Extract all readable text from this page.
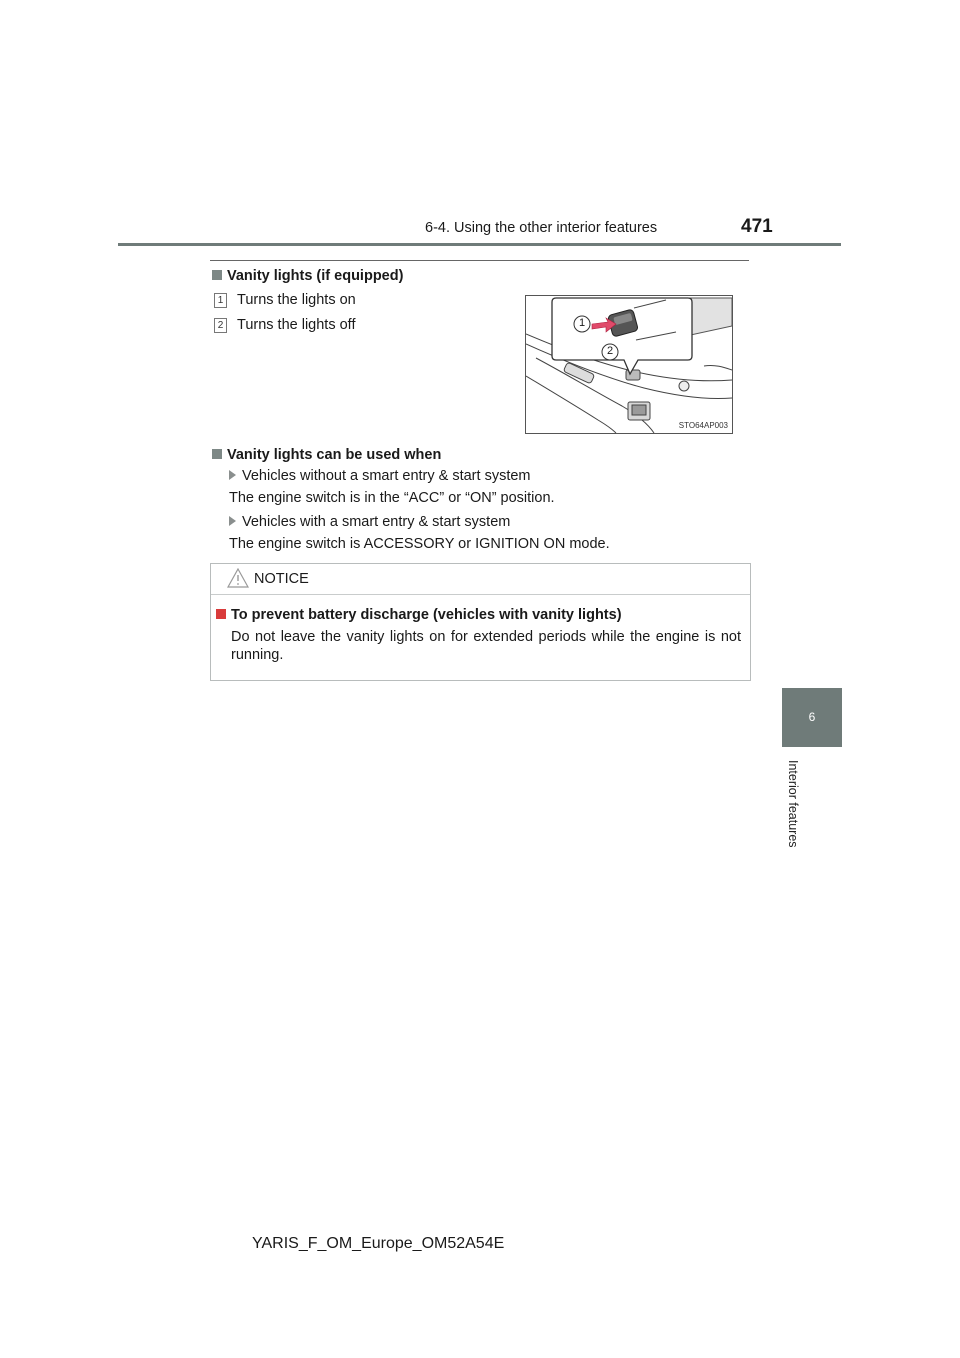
6-4. Using the other interior features	471
6
Interior features
Vanity lights (if equipped)
1 Turns the lights on
2 Turns the lights off	1
2
STO64AP003
Vanity lights can be used when
Vehicles without a smart entry & start system
The engine switch is in the “ACC” or “ON” position.
Vehicles with a smart entry & start system
The engine switch is ACCESSORY or IGNITION ON mode.
NOTICE
To prevent battery discharge (vehicles with vanity lights)
Do not leave the vanity lights on for extended periods while the engine is not running.
YARIS_F_OM_Europe_OM52A54E
